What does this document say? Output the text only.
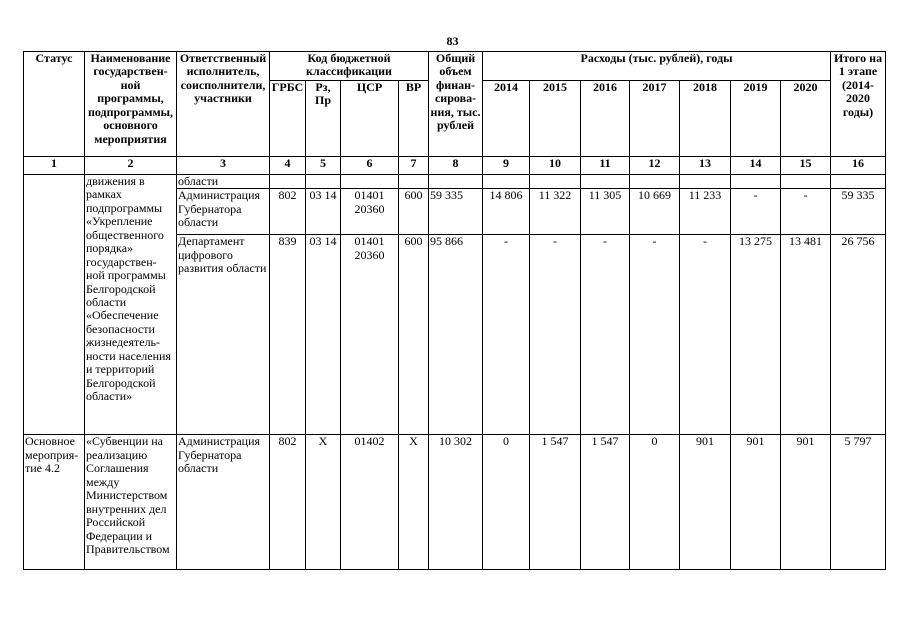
83
Статус	Наименование государствен-ной программы, подпрограммы, основного мероприятия	Ответственный исполнитель, соисполнители, участники	Код бюджетной классификации				Общий объем финан-сирова-ния, тыс. рублей	Расходы (тыс. рублей), годы							Итого на 1 этапе (2014-2020 годы)
			ГРБС	Рз, Пр	ЦСР	ВР		2014	2015	2016	2017	2018	2019	2020	
1	2	3	4	5	6	7	8	9	10	11	12	13	14	15	16
	движения в рамках подпрограммы «Укрепление общественного порядка» государствен-ной программы Белгородской области «Обеспечение безопасности жизнедеятель-ности населения и территорий Белгородской области»	области													
		Администрация Губернатора области	802	03 14	01401 20360	600	59 335	14 806	11 322	11 305	10 669	11 233	-	-	59 335
		Департамент цифрового развития области	839	03 14	01401 20360	600	95 866	-	-	-	-	-	13 275	13 481	26 756
Основное мероприя-тие 4.2	«Субвенции на реализацию Соглашения между Министерством внутренних дел Российской Федерации и Правительством	Администрация Губернатора области	802	Х	01402	Х	10 302	0	1 547	1 547	0	901	901	901	5 797
